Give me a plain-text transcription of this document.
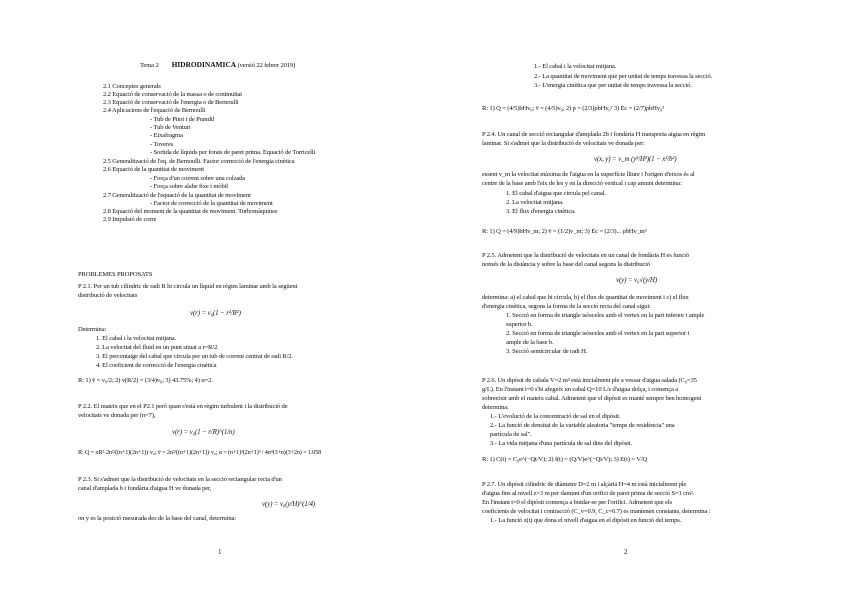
Tema 2 HIDRODINAMICA (versió 22 febrer 2019)
2.1 Conceptes generals
2.2 Equació de conservació de la massa o de continuïtat
2.3 Equació de conservació de l'energia o de Bernoulli
2.4 Aplicacions de l'equació de Bernoulli
- Tub de Pitot i de Prandtl
- Tub de Venturi
- Eixafragma
- Toveres
- Sortida de líquids per forats de paret prima. Equació de Torricelli
2.5 Generalització de l'eq. de Bernoulli. Factor correcció de l'energia cinètica
2.6 Equació de la quantitat de moviment
- Força d'un corrent sobre una colzada
- Força sobre alabe fixe i mòbil
2.7 Generalització de l'equació de la quantitat de moviment
- Factor de correcció de la quantitat de moviment
2.8 Equació del moment de la quantitat de moviment. Turbomàquines
2.9 Impulsió de corre
PROBLEMES PROPOSATS
P 2.1. Per un tub cilíndric de radi R hi circula un líquid en règim laminar amb la següent
distribució de velocitats
v(r) = v₀(1 − r²/R²)
Determina:
1. El cabal i la velocitat mitjana.
2. La velocitat del fluid en un punt situat a r=R/2.
3. El percentatge del cabal que circula per un tub de corrent centrat de radi R/2.
4. El coeficient de correcció de l'energia cinètica
R: 1) v̄ = v₀/2; 2) v(R/2) = (3/4)v₀; 3) 43.75%; 4) α=2.
P 2.2. El mateix que en el P2.1 però quan s'està en règim turbulent i la distribució de
velocitats ve donada per (n=7),
v(r) = v₀(1 − r/R)^(1/n)
R: Q = πR²·2n²/((n+1)(2n+1))·v₀; v̄ = 2n²/((n+1)(2n+1))·v₀; α = (n+1)³(2n+1)³ / 4n⁴(3+n)(3+2n) = 1.058
P 2.3. Si s'admet que la distribució de velocitats en la secció rectangular recta d'un
canal d'amplada b i fondària d'aigua H ve donada per,
v(y) = v₀(y/H)^(1/4)
on y es la posició mesurada des de la base del canal, determina:
1
1.- El cabal i la velocitat mitjana.
2.- La quantitat de moviment que per unitat de temps travessa la secció.
3.- L'energia cinètica que per unitat de temps travessa la secció.
R: 1) Q = (4/5)bHv₀; v̄ = (4/5)v₀; 2) ṗ = (2/3)ρbHv₀² 3) Ėc = (2/7)ρbHv₀³
P 2.4. Un canal de secció rectangular d'amplada 2b i fondària H transporta aigua en règim
laminar. Si s'admet que la distribució de velocitats ve donada per:
v(x, y) = v_m (y²/H²)(1 − x²/b²)
essent v_m la velocitat màxima de l'aigua en la superfície lliure i l'origen d'eixos és al
centre de la base amb l'eix de les y en la direcció vertical i cap amunt determina:
1. El cabal d'aigua que circula pel canal.
2. La velocitat mitjana.
3. El flux d'energia cinètica.
R: 1) Q = (4/9)bHv_m; 2) v̄ = (1/2)v_m; 3) Ėc = (2/3)... ρbHv_m³
P 2.5. Admetent que la distribució de velocitats en un canal de fondària H es funció
només de la distància y sobre la base del canal segons la distribució
v(y) = v₀√(y/H)
determina: a) el cabal que hi circula, b) el flux de quantitat de moviment i c) el flux
d'energia cinètica, segons la forma de la secció recta del canal sigui:
1. Secció en forma de triangle isòsceles amb el vertex en la part inferior i ample
superior b.
2. Secció en forma de triangle isòsceles amb el vertex en la part superior i
ample de la base b.
3. Secció semicircular de radi H.
P 2.6. Un dipòsit de cabala V=2 m³ està inicialment ple a vessar d'aigua salada (C₀=35
g/L). En l'instant t=0 s'hi afegeix un cabal Q=10 L/s d'aigua dolça, i comença a
sobreeixir amb el mateix cabal. Admetent que el dipòsit es manté sempre ben homogeni
determina:
1.- L'evolució de la concentració de sal en el dipòsit.
2.- La funció de densitat de la variable aleatoria "temps de residència" una
partícula de sal".
3.- La vida mitjana d'una partícula de sal dins del dipòsit.
R: 1) C(t) = C₀e^(−Qt/V); 2) f(t) = (Q/V)e^(−Qt/V); 3) E(t) = V/Q
P 2.7. Un dipòsit cilíndric de diàmetre D=2 m i alçària H=4 m està inicialment ple
d'aigua fins al nivell z=3 m per damunt d'un orifici de paret prima de secció S=1 cm².
En l'instant t=0 el dipòsit comença a buidar-se per l'orifici. Admetent que els
coeficients de velocitat i contracció (C_v=0.9, C_c=0.7) es mantenen constants, determina :
1.- La funció z(t) que dona el nivell d'aigua en el dipòsit en funció del temps.
2
